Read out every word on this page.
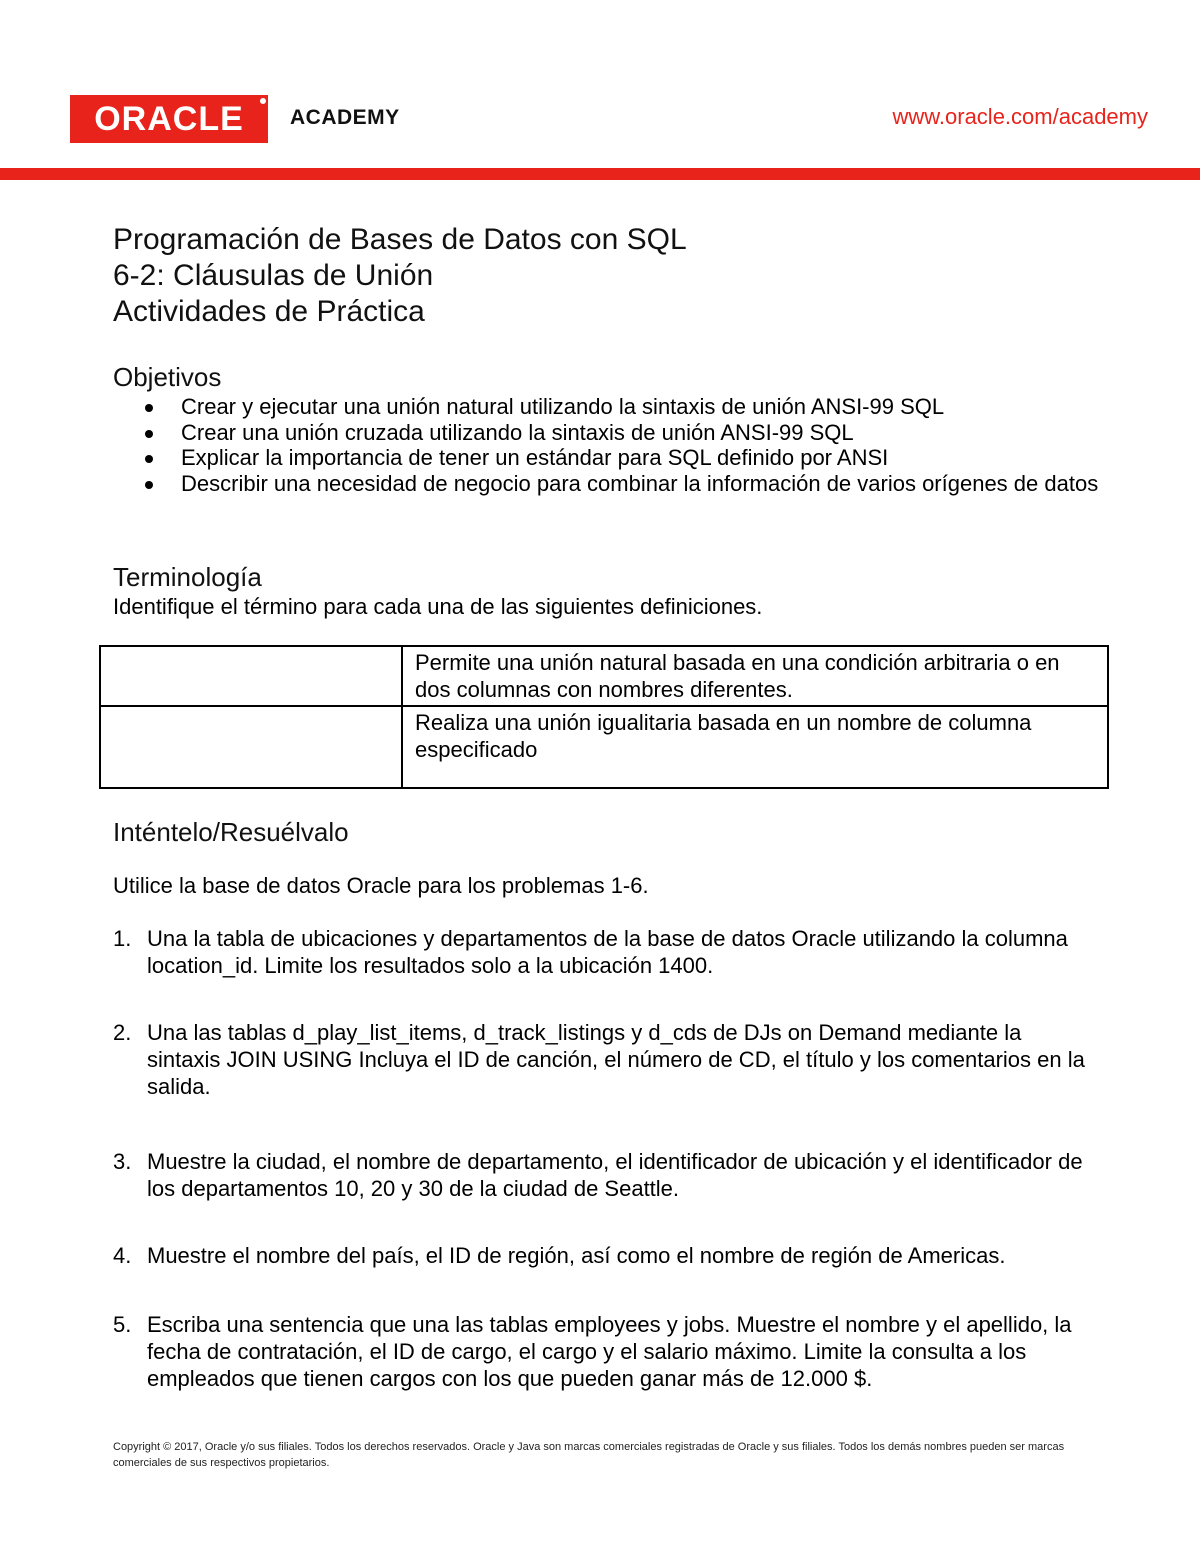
ORACLE ACADEMY	www.oracle.com/academy
Programación de Bases de Datos con SQL
6-2: Cláusulas de Unión
Actividades de Práctica
Objetivos
Crear y ejecutar una unión natural utilizando la sintaxis de unión ANSI-99 SQL
Crear una unión cruzada utilizando la sintaxis de unión ANSI-99 SQL
Explicar la importancia de tener un estándar para SQL definido por ANSI
Describir una necesidad de negocio para combinar la información de varios orígenes de datos
Terminología
Identifique el término para cada una de las siguientes definiciones.
	Permite una unión natural basada en una condición arbitraria o en dos columnas con nombres diferentes.
	Realiza una unión igualitaria basada en un nombre de columna especificado
Inténtelo/Resuélvalo
Utilice la base de datos Oracle para los problemas 1-6.
1. Una la tabla de ubicaciones y departamentos de la base de datos Oracle utilizando la columna location_id. Limite los resultados solo a la ubicación 1400.
2. Una las tablas d_play_list_items, d_track_listings y d_cds de DJs on Demand mediante la sintaxis JOIN USING Incluya el ID de canción, el número de CD, el título y los comentarios en la salida.
3. Muestre la ciudad, el nombre de departamento, el identificador de ubicación y el identificador de los departamentos 10, 20 y 30 de la ciudad de Seattle.
4. Muestre el nombre del país, el ID de región, así como el nombre de región de Americas.
5. Escriba una sentencia que una las tablas employees y jobs. Muestre el nombre y el apellido, la fecha de contratación, el ID de cargo, el cargo y el salario máximo. Limite la consulta a los empleados que tienen cargos con los que pueden ganar más de 12.000 $.
Copyright © 2017, Oracle y/o sus filiales. Todos los derechos reservados. Oracle y Java son marcas comerciales registradas de Oracle y sus filiales. Todos los demás nombres pueden ser marcas comerciales de sus respectivos propietarios.
